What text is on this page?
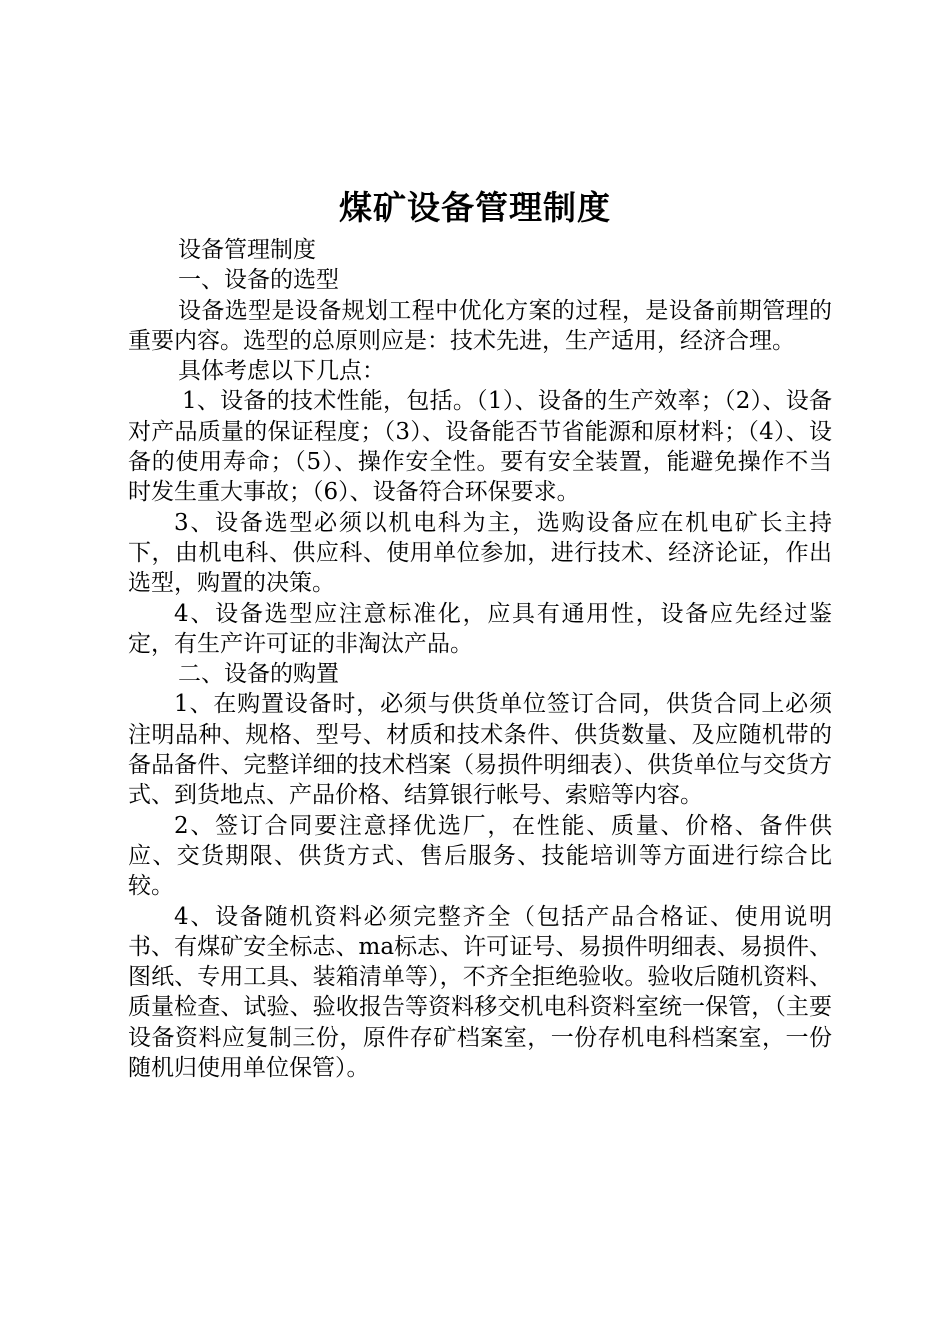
煤矿设备管理制度

设备管理制度

一、设备的选型

设备选型是设备规划工程中优化方案的过程，是设备前期管理的重要内容。选型的总原则应是：技术先进，生产适用，经济合理。

具体考虑以下几点：

1、设备的技术性能，包括。（1）、设备的生产效率；（2）、设备对产品质量的保证程度；（3）、设备能否节省能源和原材料；（4）、设备的使用寿命；（5）、操作安全性。要有安全装置，能避免操作不当时发生重大事故；（6）、设备符合环保要求。

3、设备选型必须以机电科为主，选购设备应在机电矿长主持下，由机电科、供应科、使用单位参加，进行技术、经济论证，作出选型，购置的决策。

4、设备选型应注意标准化，应具有通用性，设备应先经过鉴定，有生产许可证的非淘汰产品。

二、设备的购置

1、在购置设备时，必须与供货单位签订合同，供货合同上必须注明品种、规格、型号、材质和技术条件、供货数量、及应随机带的备品备件、完整详细的技术档案（易损件明细表）、供货单位与交货方式、到货地点、产品价格、结算银行帐号、索赔等内容。

2、签订合同要注意择优选厂，在性能、质量、价格、备件供应、交货期限、供货方式、售后服务、技能培训等方面进行综合比较。

4、设备随机资料必须完整齐全（包括产品合格证、使用说明书、有煤矿安全标志、ma标志、许可证号、易损件明细表、易损件、图纸、专用工具、装箱清单等），不齐全拒绝验收。验收后随机资料、质量检查、试验、验收报告等资料移交机电科资料室统一保管，（主要设备资料应复制三份，原件存矿档案室，一份存机电科档案室，一份随机归使用单位保管）。
